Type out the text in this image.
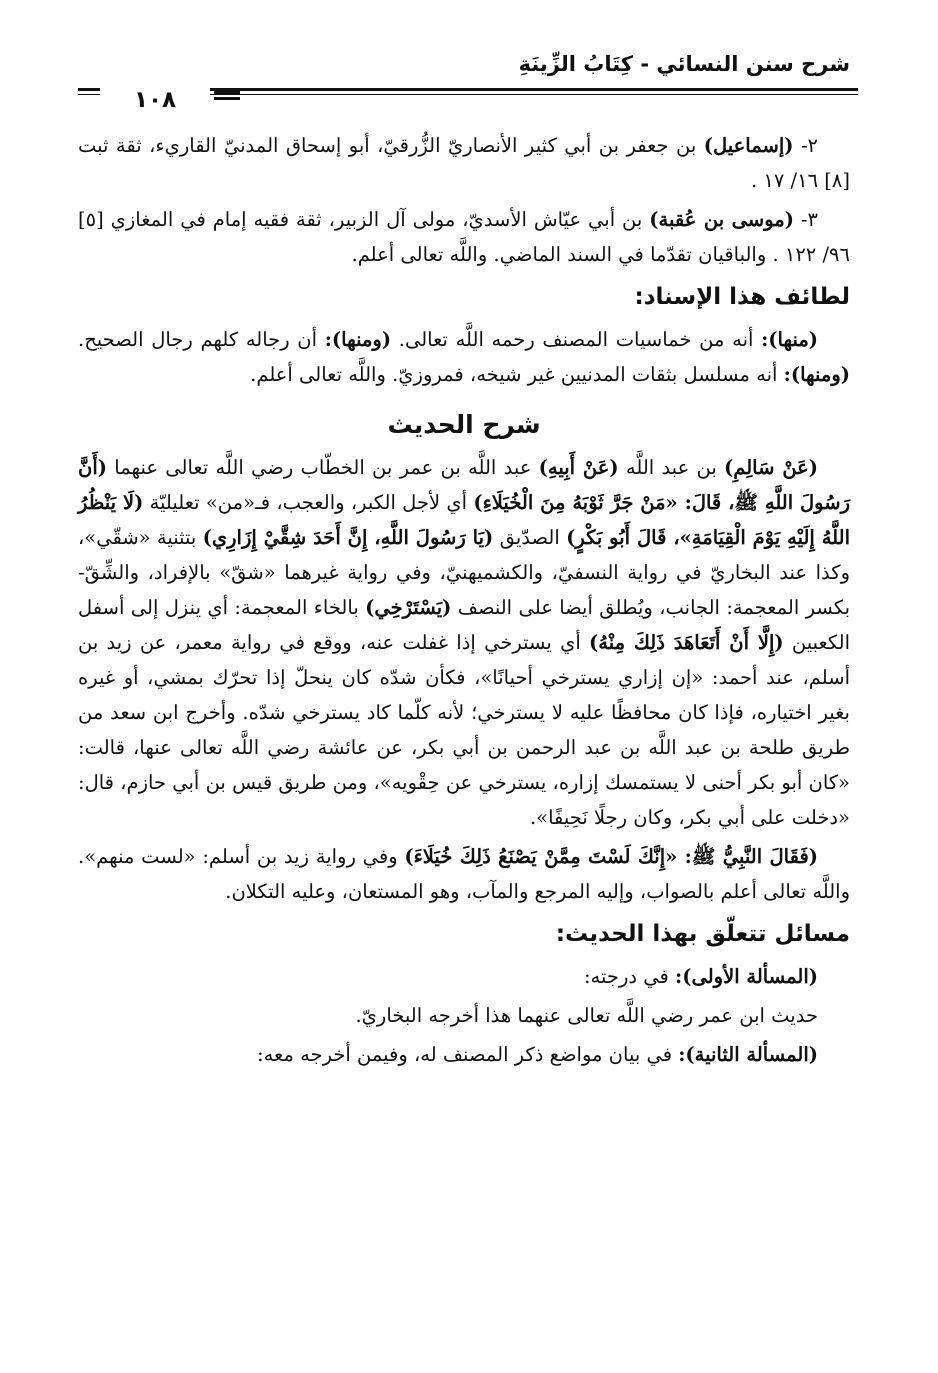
شرح سنن النسائي - كِتَابُ الزِّينَةِ
١٠٨

٢- (إسماعيل) بن جعفر بن أبي كثير الأنصاريّ الزُّرقيّ، أبو إسحاق المدنيّ القاريء، ثقة ثبت [٨] ١٦/ ١٧ .

٣- (موسى بن عُقبة) بن أبي عيّاش الأسديّ، مولى آل الزبير، ثقة فقيه إمام في المغازي [٥] ٩٦/ ١٢٢ . والباقيان تقدّما في السند الماضي. واللَّه تعالى أعلم.

لطائف هذا الإسناد:

(منها): أنه من خماسيات المصنف رحمه اللَّه تعالى. (ومنها): أن رجاله كلهم رجال الصحيح. (ومنها): أنه مسلسل بثقات المدنيين غير شيخه، فمروزيّ. واللَّه تعالى أعلم.

شرح الحديث

(عَنْ سَالِمِ) بن عبد اللَّه (عَنْ أَبِيهِ) عبد اللَّه بن عمر بن الخطّاب رضي اللَّه تعالى عنهما (أَنَّ رَسُولَ اللَّهِ ﷺ، قَالَ: «مَنْ جَرَّ ثَوْبَهُ مِنَ الْخُيَلَاءِ) أي لأجل الكبر، والعجب، فـ«من» تعليليّة (لَا يَنْظُرُ اللَّهُ إِلَيْهِ يَوْمَ الْقِيَامَةِ»، قَالَ أَبُو بَكْرٍ) الصدّيق (يَا رَسُولَ اللَّهِ، إِنَّ أَحَدَ شِقَّيْ إِزَارِي) بتثنية «شقّي»، وكذا عند البخاريّ في رواية النسفيّ، والكشميهنيّ، وفي رواية غيرهما «شقّ» بالإفراد، والشِّقّ- بكسر المعجمة: الجانب، ويُطلق أيضا على النصف (يَسْتَرْخِي) بالخاء المعجمة: أي ينزل إلى أسفل الكعبين (إِلَّا أَنْ أَتَعَاهَدَ ذَلِكَ مِنْهُ) أي يسترخي إذا غفلت عنه، ووقع في رواية معمر، عن زيد بن أسلم، عند أحمد: «إن إزاري يسترخي أحيانًا»، فكأن شدّه كان ينحلّ إذا تحرّك بمشي، أو غيره بغير اختياره، فإذا كان محافظًا عليه لا يسترخي؛ لأنه كلّما كاد يسترخي شدّه. وأخرج ابن سعد من طريق طلحة بن عبد اللَّه بن عبد الرحمن بن أبي بكر، عن عائشة رضي اللَّه تعالى عنها، قالت: «كان أبو بكر أحنى لا يستمسك إزاره، يسترخي عن حِقْويه»، ومن طريق قيس بن أبي حازم، قال: «دخلت على أبي بكر، وكان رجلًا نَحِيفًا».

(فَقَالَ النَّبِيُّ ﷺ: «إِنَّكَ لَسْتَ مِمَّنْ يَصْنَعُ ذَلِكَ خُيَلَاءَ) وفي رواية زيد بن أسلم: «لست منهم». واللَّه تعالى أعلم بالصواب، وإليه المرجع والمآب، وهو المستعان، وعليه التكلان.

مسائل تتعلّق بهذا الحديث:

(المسألة الأولى): في درجته:

حديث ابن عمر رضي اللَّه تعالى عنهما هذا أخرجه البخاريّ.

(المسألة الثانية): في بيان مواضع ذكر المصنف له، وفيمن أخرجه معه:
